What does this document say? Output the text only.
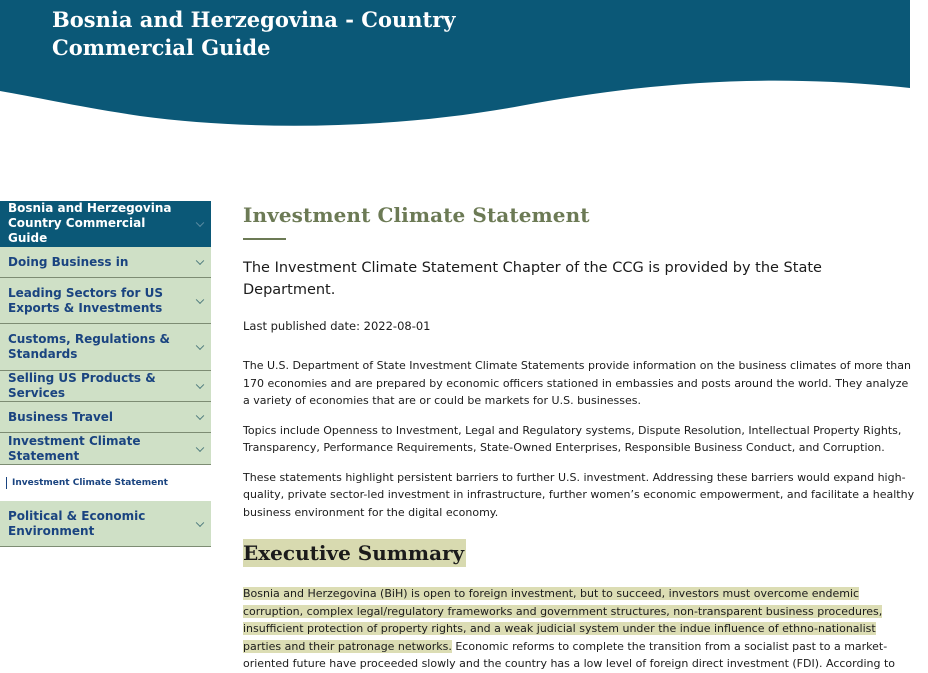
Bosnia and Herzegovina - Country
Commercial Guide
Bosnia and Herzegovina Country Commercial Guide
Doing Business in
Leading Sectors for US Exports & Investments
Customs, Regulations & Standards
Selling US Products & Services
Business Travel
Investment Climate Statement
Investment Climate Statement
Political & Economic Environment
Investment Climate Statement

The Investment Climate Statement Chapter of the CCG is provided by the State Department.

Last published date: 2022-08-01

The U.S. Department of State Investment Climate Statements provide information on the business climates of more than 170 economies and are prepared by economic officers stationed in embassies and posts around the world. They analyze a variety of economies that are or could be markets for U.S. businesses.

Topics include Openness to Investment, Legal and Regulatory systems, Dispute Resolution, Intellectual Property Rights, Transparency, Performance Requirements, State-Owned Enterprises, Responsible Business Conduct, and Corruption.

These statements highlight persistent barriers to further U.S. investment. Addressing these barriers would expand high-quality, private sector-led investment in infrastructure, further women’s economic empowerment, and facilitate a healthy business environment for the digital economy.

Executive Summary

Bosnia and Herzegovina (BiH) is open to foreign investment, but to succeed, investors must overcome endemic corruption, complex legal/regulatory frameworks and government structures, non-transparent business procedures, insufficient protection of property rights, and a weak judicial system under the indue influence of ethno-nationalist parties and their patronage networks. Economic reforms to complete the transition from a socialist past to a market-oriented future have proceeded slowly and the country has a low level of foreign direct investment (FDI). According to
